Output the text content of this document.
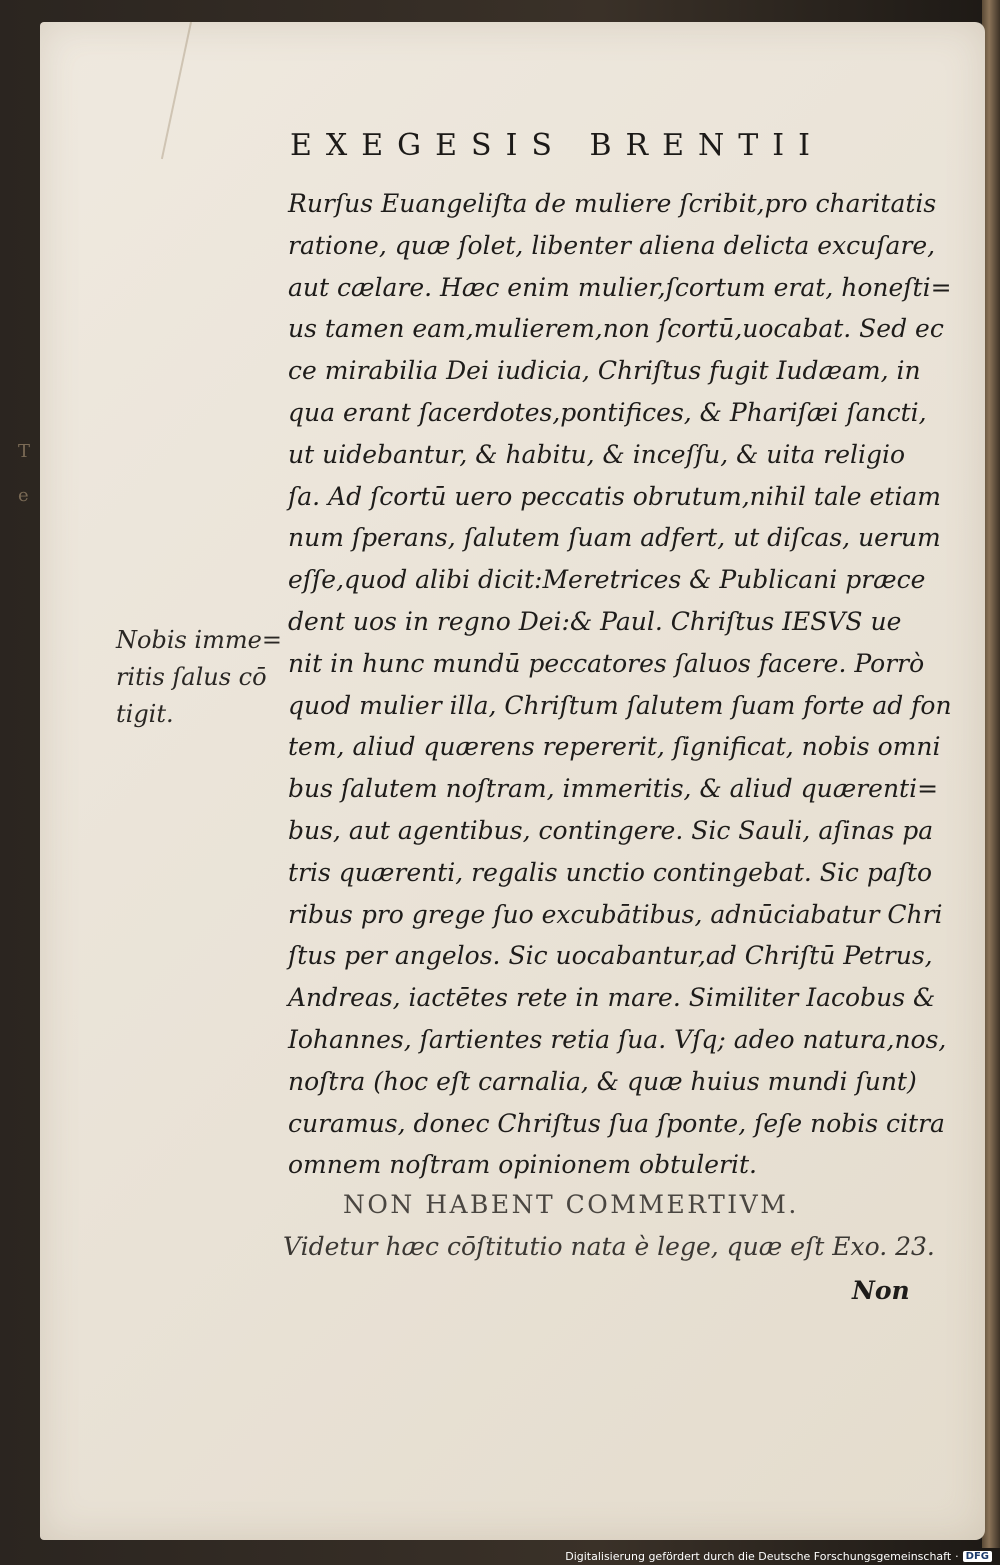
T
e
EXEGESIS BRENTII
Rurſus Euangeliſta de muliere ſcribit,pro charitatis
ratione, quæ ſolet, libenter aliena delicta excuſare,
aut cælare. Hæc enim mulier,ſcortum erat, honeſti=
us tamen eam,mulierem,non ſcortū,uocabat. Sed ec
ce mirabilia Dei iudicia, Chriſtus fugit Iudæam, in
qua erant ſacerdotes,pontifices, & Phariſæi ſancti,
ut uidebantur, & habitu, & inceſſu, & uita religio
ſa. Ad ſcortū uero peccatis obrutum,nihil tale etiam
num ſperans, ſalutem ſuam adfert, ut diſcas, uerum
eſſe,quod alibi dicit:Meretrices & Publicani præce
dent uos in regno Dei:& Paul. Chriſtus IESVS ue
nit in hunc mundū peccatores ſaluos facere. Porrò
quod mulier illa, Chriſtum ſalutem ſuam forte ad fon
tem, aliud quærens repererit, ſignificat, nobis omni
bus ſalutem noſtram, immeritis, & aliud quærenti=
bus, aut agentibus, contingere. Sic Sauli, aſinas pa
tris quærenti, regalis unctio contingebat. Sic paſto
ribus pro grege ſuo excubātibus, adnūciabatur Chri
ſtus per angelos. Sic uocabantur,ad Chriſtū Petrus,
Andreas, iactētes rete in mare. Similiter Iacobus &
Iohannes, ſartientes retia ſua. Vſq; adeo natura,nos,
noſtra (hoc eſt carnalia, & quæ huius mundi ſunt)
curamus, donec Chriſtus ſua ſponte, ſeſe nobis citra
omnem noſtram opinionem obtulerit.
Nobis imme=
ritis ſalus cō
tigit.
NON HABENT COMMERTIVM.
Videtur hæc cōſtitutio nata è lege, quæ eſt Exo. 23.
Non
Digitalisierung gefördert durch die Deutsche Forschungsgemeinschaft · DFG
